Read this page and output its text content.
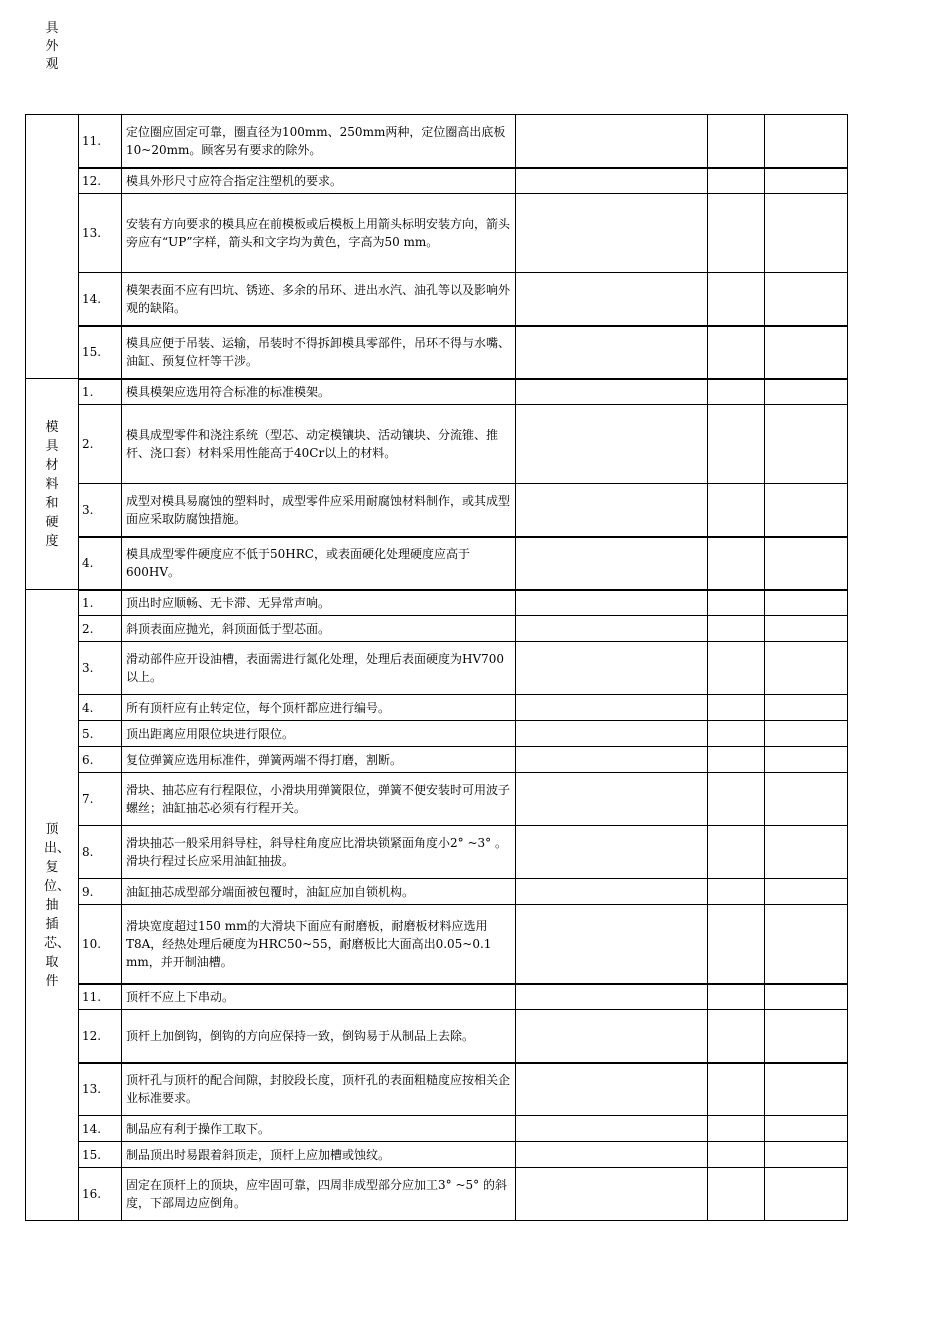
具
外
观
	11.	定位圈应固定可靠，圈直径为100mm、250mm两种，定位圈高出底板10~20mm。顾客另有要求的除外。			
	12.	模具外形尺寸应符合指定注塑机的要求。			
	13.	安装有方向要求的模具应在前模板或后模板上用箭头标明安装方向，箭头旁应有“UP”字样，箭头和文字均为黄色，字高为50 mm。			
	14.	模架表面不应有凹坑、锈迹、多余的吊环、进出水汽、油孔等以及影响外观的缺陷。			
	15.	模具应便于吊装、运输，吊装时不得拆卸模具零部件，吊环不得与水嘴、油缸、预复位杆等干涉。			
模具材料和硬度	1.	模具模架应选用符合标准的标准模架。			
	2.	模具成型零件和浇注系统（型芯、动定模镶块、活动镶块、分流锥、推杆、浇口套）材料采用性能高于40Cr以上的材料。			
	3.	成型对模具易腐蚀的塑料时，成型零件应采用耐腐蚀材料制作，或其成型面应采取防腐蚀措施。			
	4.	模具成型零件硬度应不低于50HRC，或表面硬化处理硬度应高于600HV。			
顶出、复位、抽插芯、取件	1.	顶出时应顺畅、无卡滞、无异常声响。			
	2.	斜顶表面应抛光，斜顶面低于型芯面。			
	3.	滑动部件应开设油槽，表面需进行氮化处理，处理后表面硬度为HV700以上。			
	4.	所有顶杆应有止转定位，每个顶杆都应进行编号。			
	5.	顶出距离应用限位块进行限位。			
	6.	复位弹簧应选用标准件，弹簧两端不得打磨，割断。			
	7.	滑块、抽芯应有行程限位，小滑块用弹簧限位，弹簧不便安装时可用波子螺丝；油缸抽芯必须有行程开关。			
	8.	滑块抽芯一般采用斜导柱，斜导柱角度应比滑块锁紧面角度小2° ~3° 。滑块行程过长应采用油缸抽拔。			
	9.	油缸抽芯成型部分端面被包覆时，油缸应加自锁机构。			
	10.	滑块宽度超过150 mm的大滑块下面应有耐磨板，耐磨板材料应选用T8A，经热处理后硬度为HRC50~55，耐磨板比大面高出0.05~0.1 mm，并开制油槽。			
	11.	顶杆不应上下串动。			
	12.	顶杆上加倒钩，倒钩的方向应保持一致，倒钩易于从制品上去除。			
	13.	顶杆孔与顶杆的配合间隙，封胶段长度，顶杆孔的表面粗糙度应按相关企业标准要求。			
	14.	制品应有利于操作工取下。			
	15.	制品顶出时易跟着斜顶走，顶杆上应加槽或蚀纹。			
	16.	固定在顶杆上的顶块，应牢固可靠，四周非成型部分应加工3° ~5° 的斜度，下部周边应倒角。			
